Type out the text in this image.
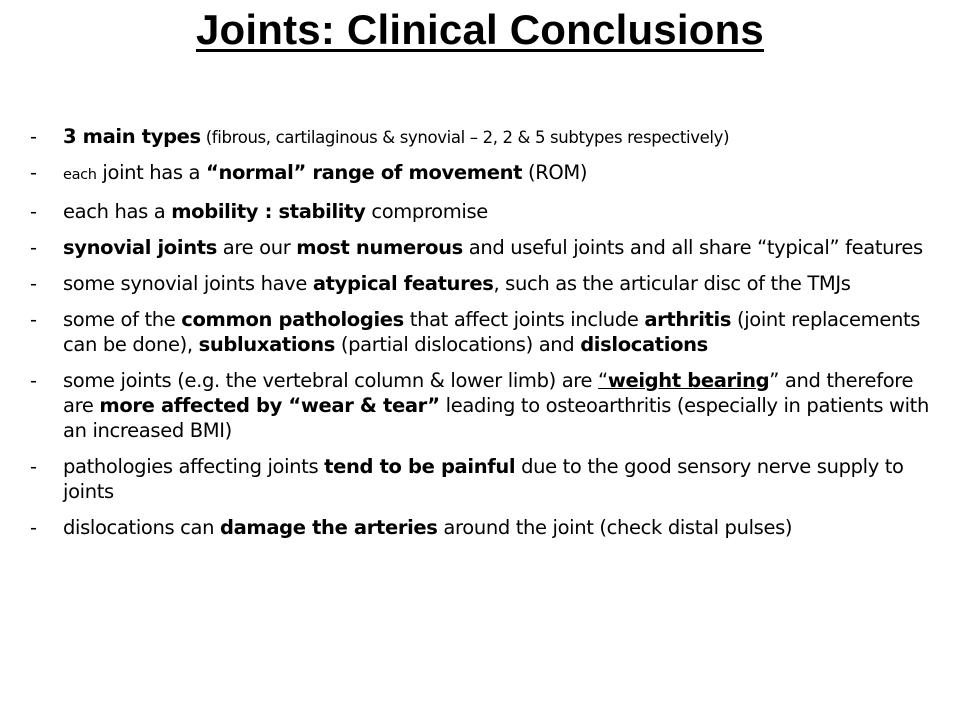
Joints: Clinical Conclusions
- 3 main types (fibrous, cartilaginous & synovial – 2, 2 & 5 subtypes respectively)
- each joint has a “normal” range of movement (ROM)
- each has a mobility : stability compromise
- synovial joints are our most numerous and useful joints and all share “typical” features
- some synovial joints have atypical features, such as the articular disc of the TMJs
- some of the common pathologies that affect joints include arthritis (joint replacements can be done), subluxations (partial dislocations) and dislocations
- some joints (e.g. the vertebral column & lower limb) are “weight bearing” and therefore are more affected by “wear & tear” leading to osteoarthritis (especially in patients with an increased BMI)
- pathologies affecting joints tend to be painful due to the good sensory nerve supply to joints
- dislocations can damage the arteries around the joint (check distal pulses)
